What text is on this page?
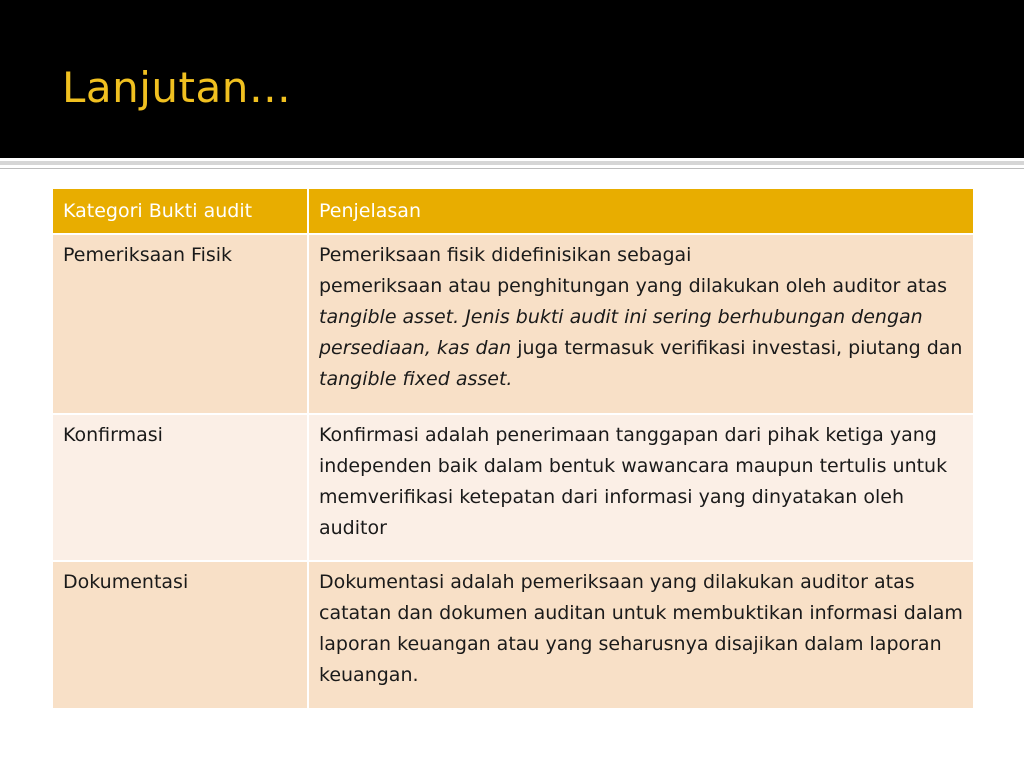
Lanjutan…
Kategori Bukti audit	Penjelasan
Pemeriksaan Fisik	Pemeriksaan fisik didefinisikan sebagai
pemeriksaan atau penghitungan yang dilakukan oleh auditor atas tangible asset. Jenis bukti audit ini sering berhubungan dengan persediaan, kas dan juga termasuk verifikasi investasi, piutang dan tangible fixed asset.
Konfirmasi	Konfirmasi adalah penerimaan tanggapan dari pihak ketiga yang independen baik dalam bentuk wawancara maupun tertulis untuk memverifikasi ketepatan dari informasi yang dinyatakan oleh auditor
Dokumentasi	Dokumentasi adalah pemeriksaan yang dilakukan auditor atas catatan dan dokumen auditan untuk membuktikan informasi dalam laporan keuangan atau yang seharusnya disajikan dalam laporan keuangan.
